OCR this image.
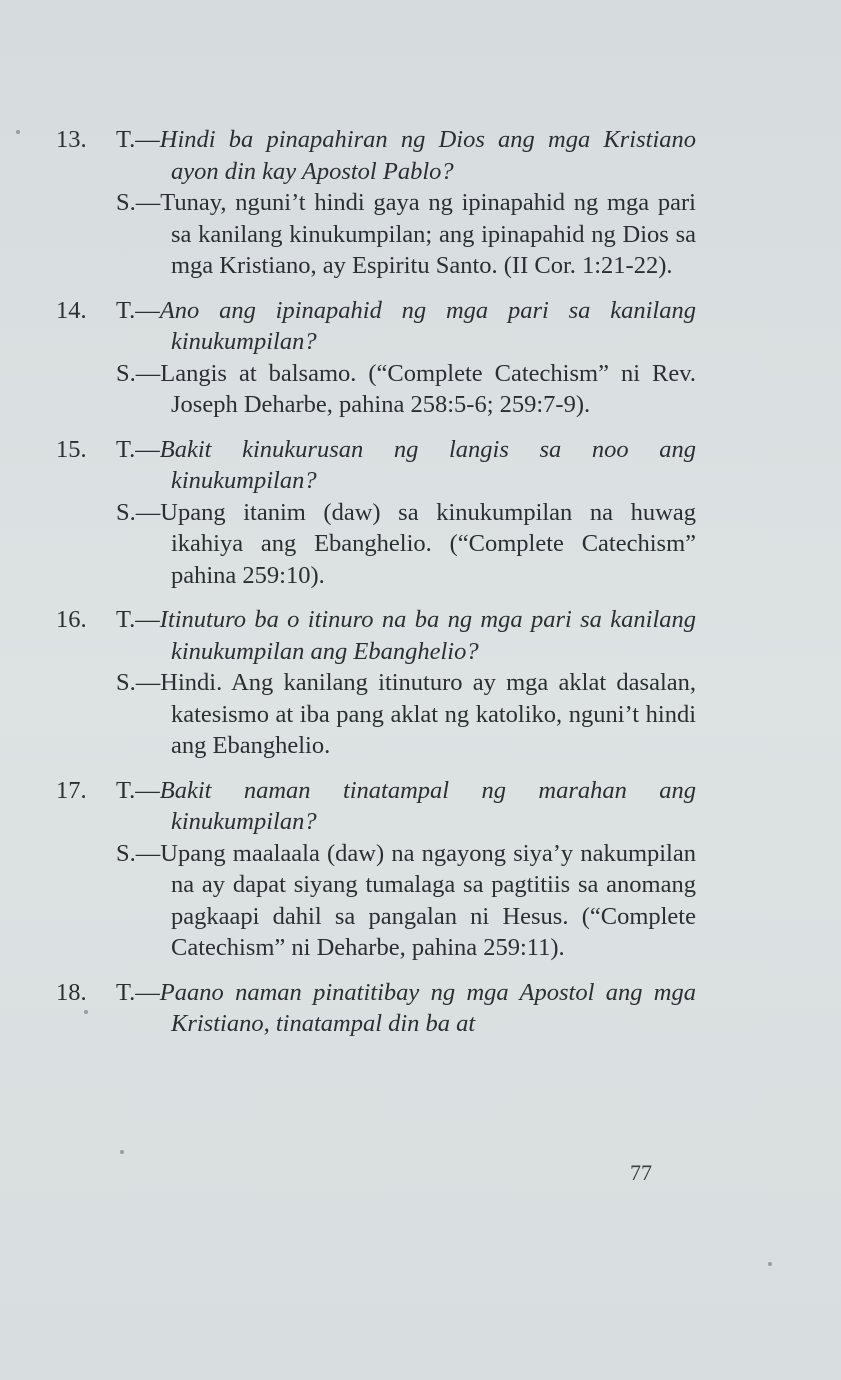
13.	T.—Hindi ba pinapahiran ng Dios ang mga Kristiano ayon din kay Apostol Pablo?
S.—Tunay, nguni’t hindi gaya ng ipinapahid ng mga pari sa kanilang kinukumpilan; ang ipinapahid ng Dios sa mga Kristiano, ay Espiritu Santo. (II Cor. 1:21-22).
14.	T.—Ano ang ipinapahid ng mga pari sa kanilang kinukumpilan?
S.—Langis at balsamo. (“Complete Catechism” ni Rev. Joseph Deharbe, pahina 258:5-6; 259:7-9).
15.	T.—Bakit kinukurusan ng langis sa noo ang kinukumpilan?
S.—Upang itanim (daw) sa kinukumpilan na huwag ikahiya ang Ebanghelio. (“Complete Catechism” pahina 259:10).
16.	T.—Itinuturo ba o itinuro na ba ng mga pari sa kanilang kinukumpilan ang Ebanghelio?
S.—Hindi. Ang kanilang itinuturo ay mga aklat dasalan, katesismo at iba pang aklat ng katoliko, nguni’t hindi ang Ebanghelio.
17.	T.—Bakit naman tinatampal ng marahan ang kinukumpilan?
S.—Upang maalaala (daw) na ngayong siya’y nakumpilan na ay dapat siyang tumalaga sa pagtitiis sa anomang pagkaapi dahil sa pangalan ni Hesus. (“Complete Catechism” ni Deharbe, pahina 259:11).
18.	T.—Paano naman pinatitibay ng mga Apostol ang mga Kristiano, tinatampal din ba at
77
